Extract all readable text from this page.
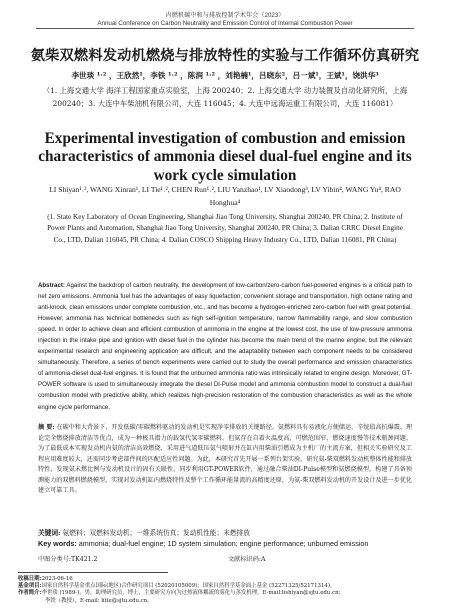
内燃机碳中和与排放控制学术年会（2023）
Annual Conference on Carbon Neutrality and Emission Control of Internal Combustion Power
氨柴双燃料发动机燃烧与排放特性的实验与工作循环仿真研究
李世琰 ¹˒² ，王欣然¹，李铁 ¹˒² ，陈润 ¹˒² ，刘艳楠¹，吕晓东²，吕一斌¹，王斌¹，饶洪华³
（1. 上海交通大学 海洋工程国家重点实验室，上海 200240；2. 上海交通大学 动力装置及自动化研究所，上海 200240；3. 大连中车柴油机有限公司，大连 116045；4. 大连中远海运重工有限公司，大连 116081）
Experimental investigation of combustion and emission characteristics of ammonia diesel dual-fuel engine and its work cycle simulation
LI Shiyan¹˒², WANG Xinran¹, LI Tie¹˒², CHEN Run¹˒², LIU Yanzhao¹, LV Xiaodong³, LV Yibin⁴, WANG Yu⁴, RAO Honghua⁴
(1. State Key Laboratory of Ocean Engineering, Shanghai Jiao Tong University, Shanghai 200240, PR China; 2. Institute of Power Plants and Automation, Shanghai Jiao Tong University, Shanghai 200240, PR China; 3. Dalian CRRC Diesel Engine Co., LTD, Dalian 116045, PR China; 4. Dalian COSCO Shipping Heavy Industry Co., LTD, Dalian 116081, PR China)
Abstract: Against the backdrop of carbon neutrality, the development of low-carbon/zero-carbon fuel-powered engines is a critical path to net zero emissions. Ammonia fuel has the advantages of easy liquefaction, convenient storage and transportation, high octane rating and anti-knock, clean emissions under complete combustion, etc., and has become a hydrogen-enriched zero-carbon fuel with great potential. However, ammonia has technical bottlenecks such as high self-ignition temperature, narrow flammability range, and slow combustion speed. In order to achieve clean and efficient combustion of ammonia in the engine at the lowest cost, the use of low-pressure ammonia injection in the intake pipe and ignition with diesel fuel in the cylinder has become the main trend of the marine engine, but the relevant experimental research and engineering application are difficult, and the adaptability between each component needs to be considered simultaneously. Therefore, a series of bench experiments were carried out to study the overall performance and emission characteristics of ammonia-diesel dual-fuel engines. It is found that the unburned ammonia ratio was intrinsically related to engine design. Moreover, GT-POWER software is used to simultaneously integrate the diesel DI-Pulse model and ammonia combustion model to construct a dual-fuel combustion model with predictive ability, which realizes high-precision restoration of the combustion characteristics as well as the whole engine cycle performance.
摘 要: 在碳中和大背景下，开发低碳/零碳燃料驱动的发动机是实现净零排放的关键路径。氨燃料具有易液化方便储运、辛烷值高抗爆震、理论完全燃烧排放清洁等优点，成为一种极具潜力的载氢代氢零碳燃料。但氨存在自着火温度高、可燃范围窄、燃烧速度慢等技术瓶颈问题。为了最低成本实现发动机内氨的清洁高效燃烧，采用进气道低压氨气喷射并在缸内用柴油引燃成为主机厂的主流方案，但相关实验研究及工程应用难度较大，还需同步考虑部件间的匹配适应性问题。为此，本研究首先开展一系列台架实验，研究氨-柴双燃料发动机整体性能和排放特性，发现氨未燃比例与发动机设计的固有关联性。同步利用GT-POWER软件，通过融合柴油DI-Pulse模型和氨燃烧模型，构建了具备预测能力的双燃料燃烧模型，实现对发动机缸内燃烧特性及整个工作循环能量流的高精度还原，为氨-柴双燃料发动机的开发设计及进一步优化建立可靠工具。
关键词: 氨燃料；双燃料发动机；一维系统仿真；发动机性能；未燃排放
Key words: ammonia; dual-fuel engine; 1D system simulation; engine performance; unburned emission
中图分类号:TK421.2	文献标识码:A
收稿日期:2023-06-16
基金项目:国家自然科学基金重点国际(地区)合作研究项目 (52020105009)；国家自然科学基金面上基金 (52271325/52171314)。
作者简介:李世琰 (1989-)，男，助理研究员，博士，主要研究方向为过热液体耦流的雾化与蒸发机理。E-mail:lishiyan@sjtu.edu.cn;
李铁（教授），E-mail: litie@sjtu.edu.cn。
